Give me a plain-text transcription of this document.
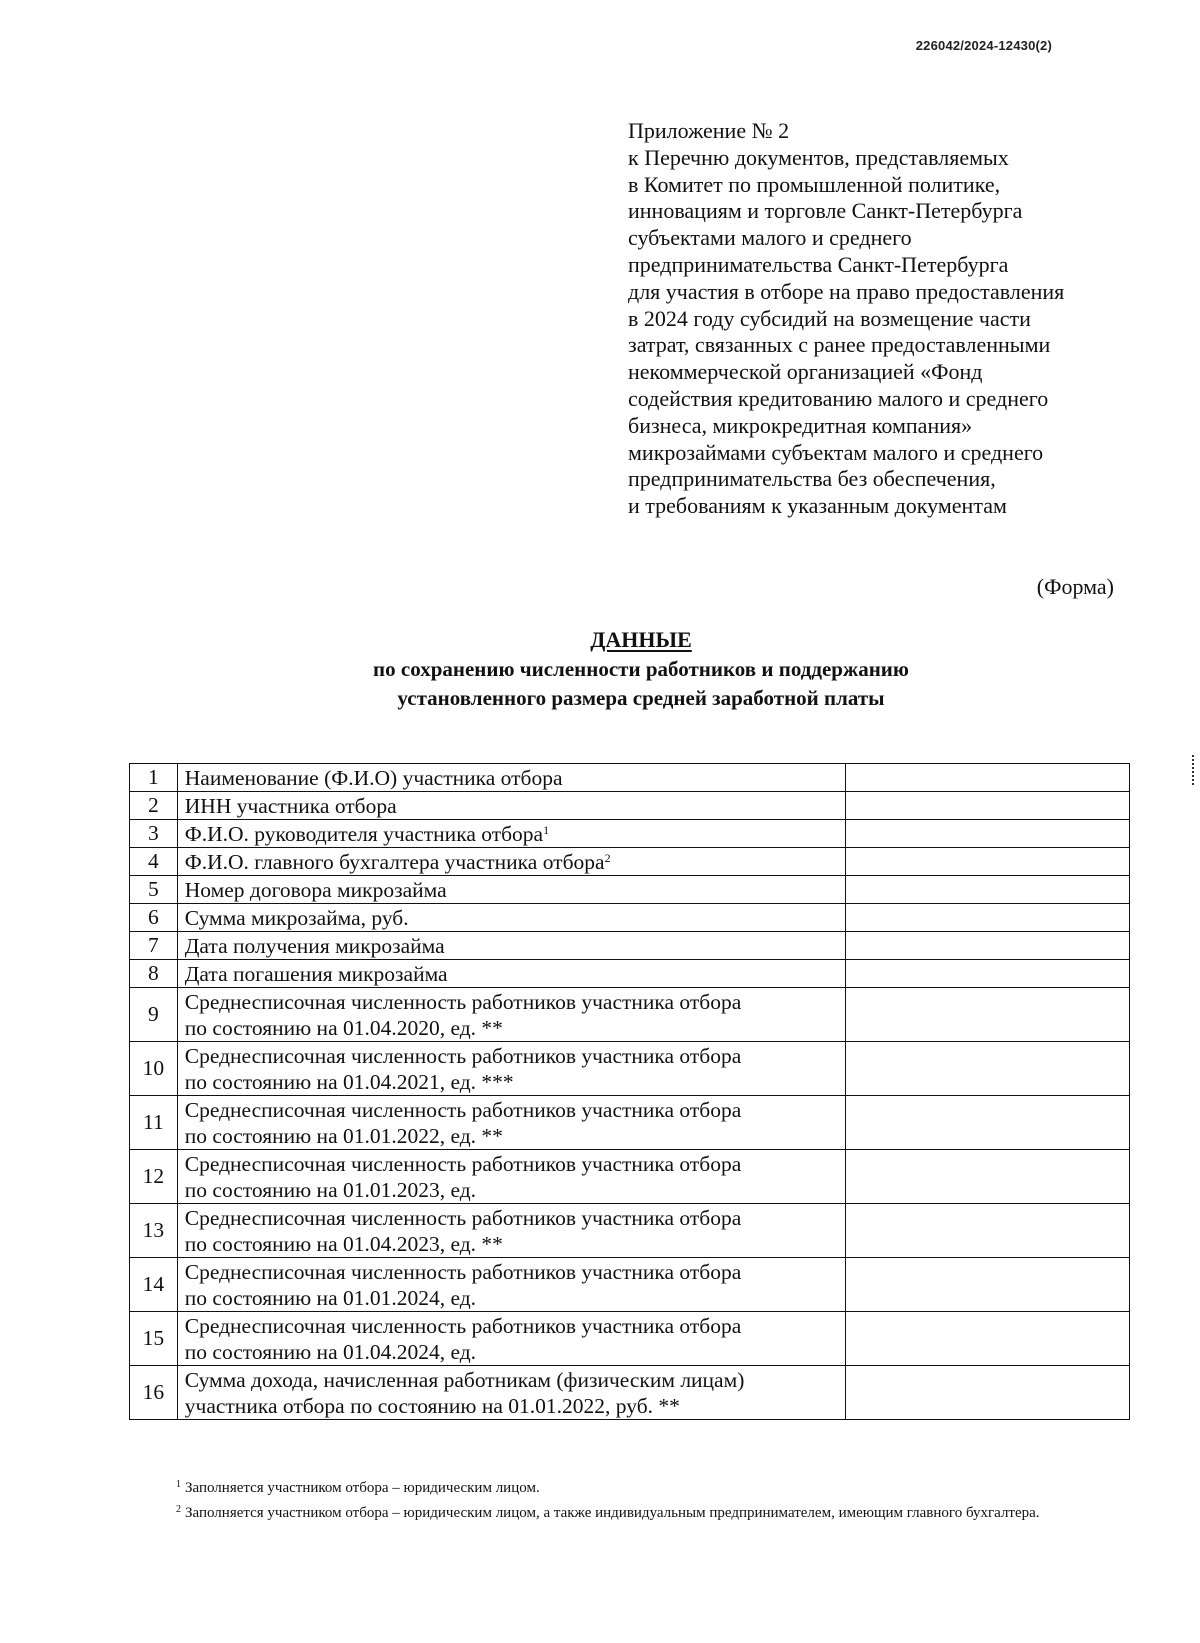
226042/2024-12430(2)
Приложение № 2
к Перечню документов, представляемых
в Комитет по промышленной политике,
инновациям и торговле Санкт-Петербурга
субъектами малого и среднего
предпринимательства Санкт-Петербурга
для участия в отборе на право предоставления
в 2024 году субсидий на возмещение части
затрат, связанных с ранее предоставленными
некоммерческой организацией «Фонд
содействия кредитованию малого и среднего
бизнеса, микрокредитная компания»
микрозаймами субъектам малого и среднего
предпринимательства без обеспечения,
и требованиям к указанным документам
(Форма)
ДАННЫЕ
по сохранению численности работников и поддержанию
установленного размера средней заработной платы
1	Наименование (Ф.И.О) участника отбора	

2	ИНН участника отбора	

3	Ф.И.О. руководителя участника отбора$^1$

4	Ф.И.О. главного бухгалтера участника отбора$^2$

5	Номер договора микрозайма	

6	Сумма микрозайма, руб.	

7	Дата получения микрозайма	

8	Дата погашения микрозайма	

9	Среднесписочная численность работников участника отбора
по состоянию на 01.04.2020, ед. **	

10	Среднесписочная численность работников участника отбора
по состоянию на 01.04.2021, ед. ***	

11	Среднесписочная численность работников участника отбора
по состоянию на 01.01.2022, ед. **	

12	Среднесписочная численность работников участника отбора
по состоянию на 01.01.2023, ед.	

13	Среднесписочная численность работников участника отбора
по состоянию на 01.04.2023, ед. **	

14	Среднесписочная численность работников участника отбора
по состоянию на 01.01.2024, ед.	

15	Среднесписочная численность работников участника отбора
по состоянию на 01.04.2024, ед.	

16	Сумма дохода, начисленная работникам (физическим лицам)
участника отбора по состоянию на 01.01.2022, руб. **	

$^1$ Заполняется участником отбора – юридическим лицом.
$^2$ Заполняется участником отбора – юридическим лицом, а также индивидуальным предпринимателем, имеющим главного бухгалтера.
